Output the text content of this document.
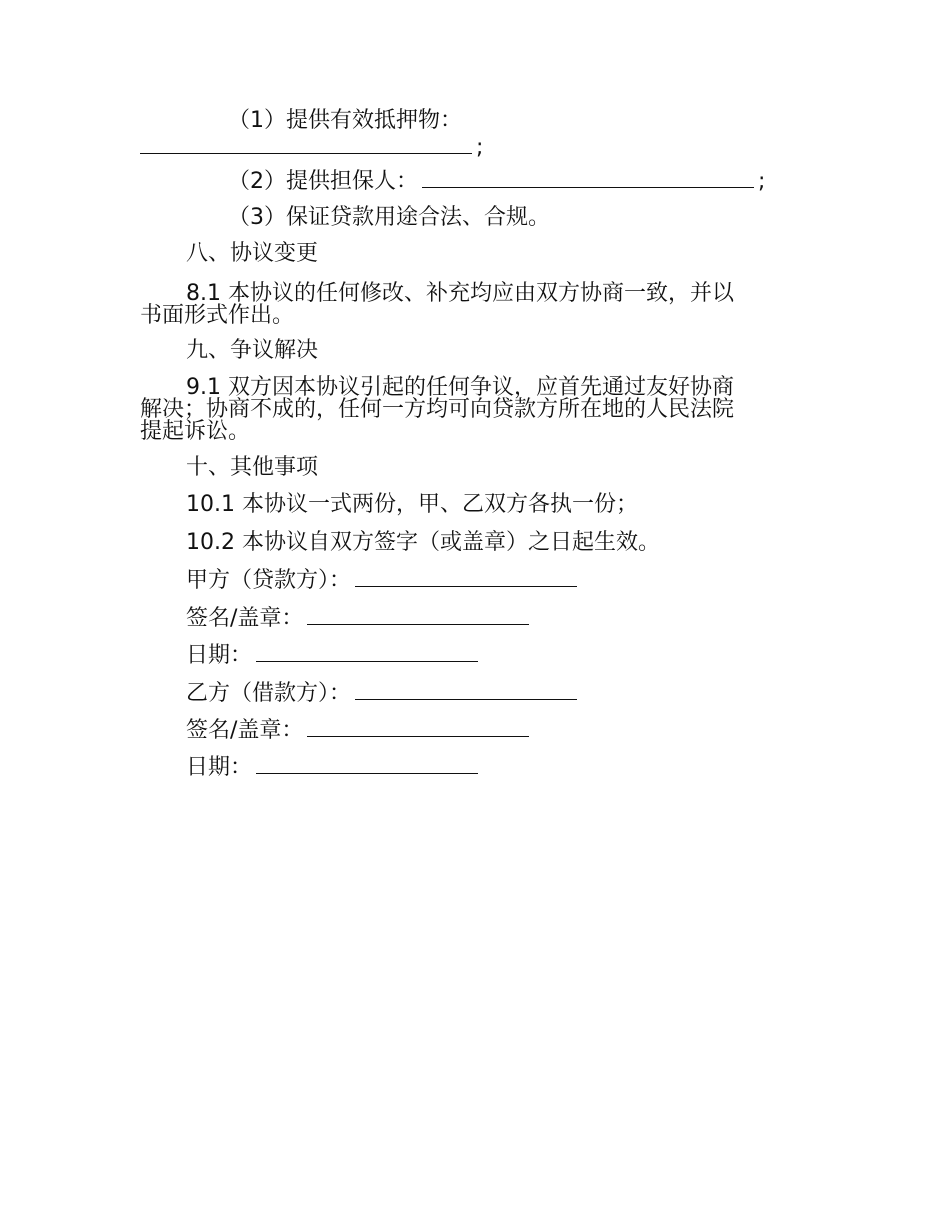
（1）提供有效抵押物：
;
（2）提供担保人：	;
（3）保证贷款用途合法、合规。
八、协议变更
8.1 本协议的任何修改、补充均应由双方协商一致，并以
书面形式作出。
九、争议解决
9.1 双方因本协议引起的任何争议，应首先通过友好协商
解决；协商不成的，任何一方均可向贷款方所在地的人民法院
提起诉讼。
十、其他事项
10.1 本协议一式两份，甲、乙双方各执一份；
10.2 本协议自双方签字（或盖章）之日起生效。
甲方（贷款方）：
签名/盖章：
日期：
乙方（借款方）：
签名/盖章：
日期：
